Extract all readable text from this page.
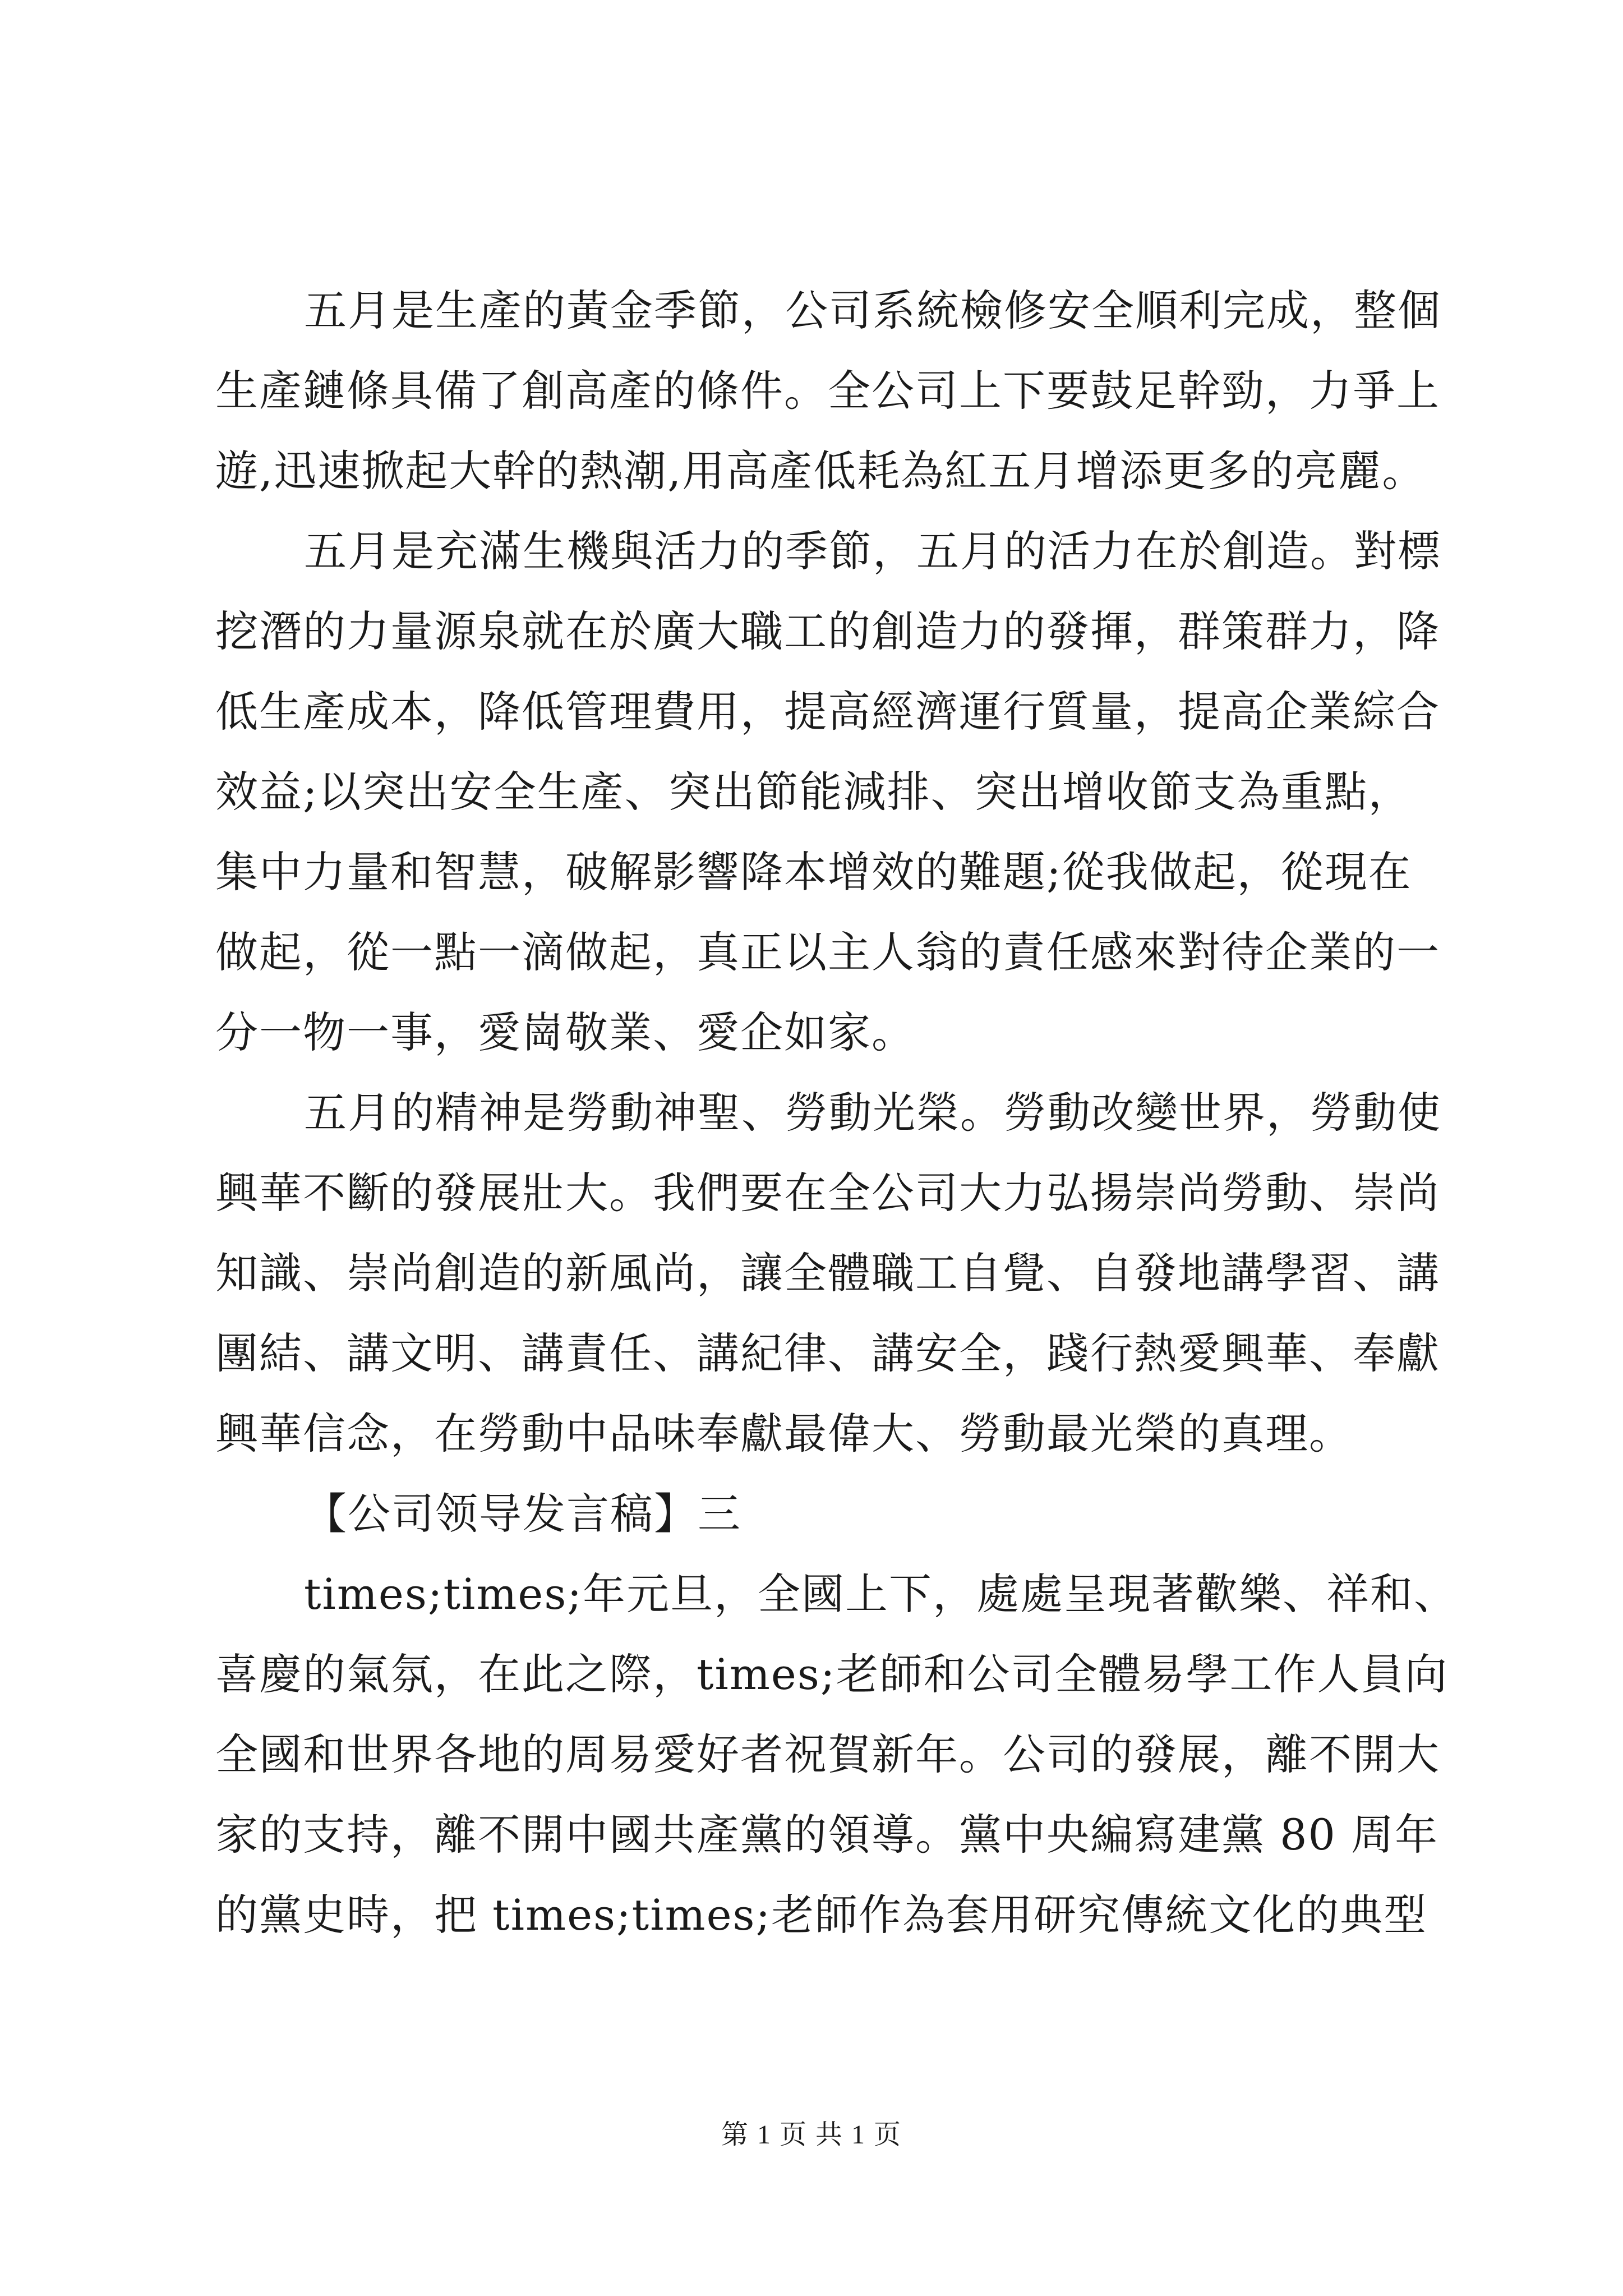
五月是生產的黃金季節，公司系統檢修安全順利完成，整個
生產鏈條具備了創高產的條件。全公司上下要鼓足幹勁，力爭上
遊,迅速掀起大幹的熱潮,用高產低耗為紅五月增添更多的亮麗。
五月是充滿生機與活力的季節，五月的活力在於創造。對標
挖潛的力量源泉就在於廣大職工的創造力的發揮，群策群力，降
低生產成本，降低管理費用，提高經濟運行質量，提高企業綜合
效益;以突出安全生產、突出節能減排、突出增收節支為重點，
集中力量和智慧，破解影響降本增效的難題;從我做起，從現在
做起，從一點一滴做起，真正以主人翁的責任感來對待企業的一
分一物一事，愛崗敬業、愛企如家。
五月的精神是勞動神聖、勞動光榮。勞動改變世界，勞動使
興華不斷的發展壯大。我們要在全公司大力弘揚崇尚勞動、崇尚
知識、崇尚創造的新風尚，讓全體職工自覺、自發地講學習、講
團結、講文明、講責任、講紀律、講安全，踐行熱愛興華、奉獻
興華信念，在勞動中品味奉獻最偉大、勞動最光榮的真理。
【公司领导发言稿】三
times;times;年元旦，全國上下，處處呈現著歡樂、祥和、
喜慶的氣氛，在此之際，times;老師和公司全體易學工作人員向
全國和世界各地的周易愛好者祝賀新年。公司的發展，離不開大
家的支持，離不開中國共產黨的領導。黨中央編寫建黨 80 周年
的黨史時，把 times;times;老師作為套用研究傳統文化的典型
第 1 页 共 1 页
